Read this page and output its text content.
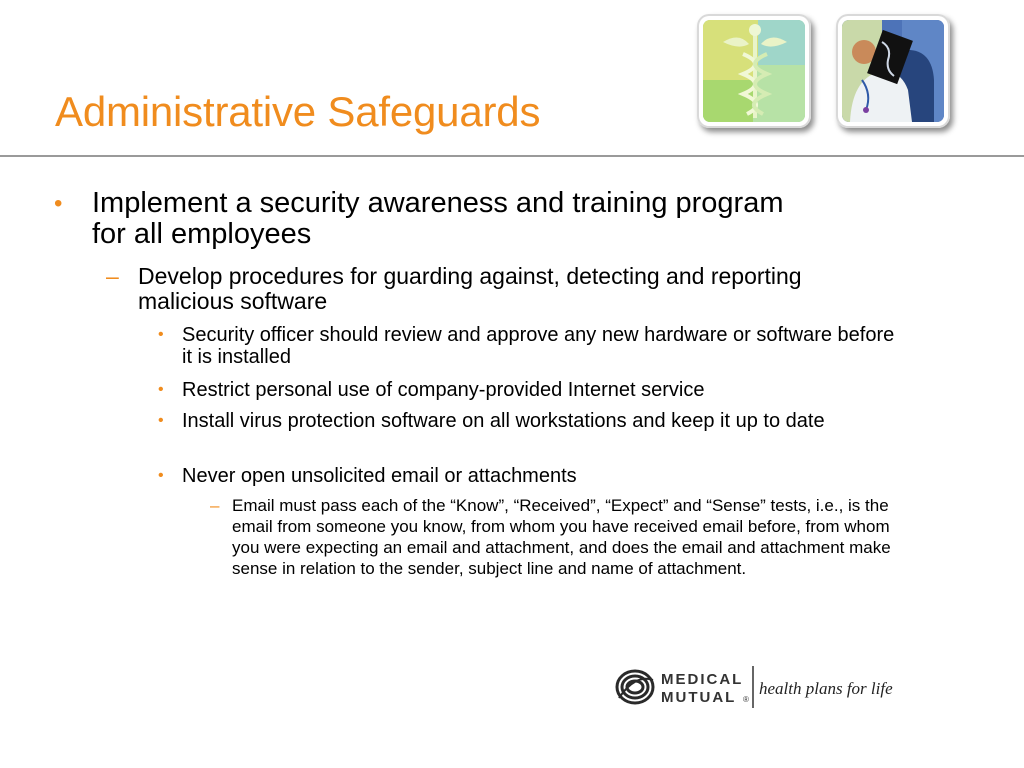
Administrative Safeguards
• Implement a security awareness and training program for all employees
– Develop procedures for guarding against, detecting and reporting malicious software
• Security officer should review and approve any new hardware or software before it is installed
• Restrict personal use of company-provided Internet service
• Install virus protection software on all workstations and keep it up to date
• Never open unsolicited email or attachments
– Email must pass each of the “Know”, “Received”, “Expect” and “Sense” tests, i.e., is the email from someone you know, from whom you have received email before, from whom you were expecting an email and attachment, and does the email and attachment make sense in relation to the sender, subject line and name of attachment.
MEDICAL
MUTUAL ®
health plans for life
